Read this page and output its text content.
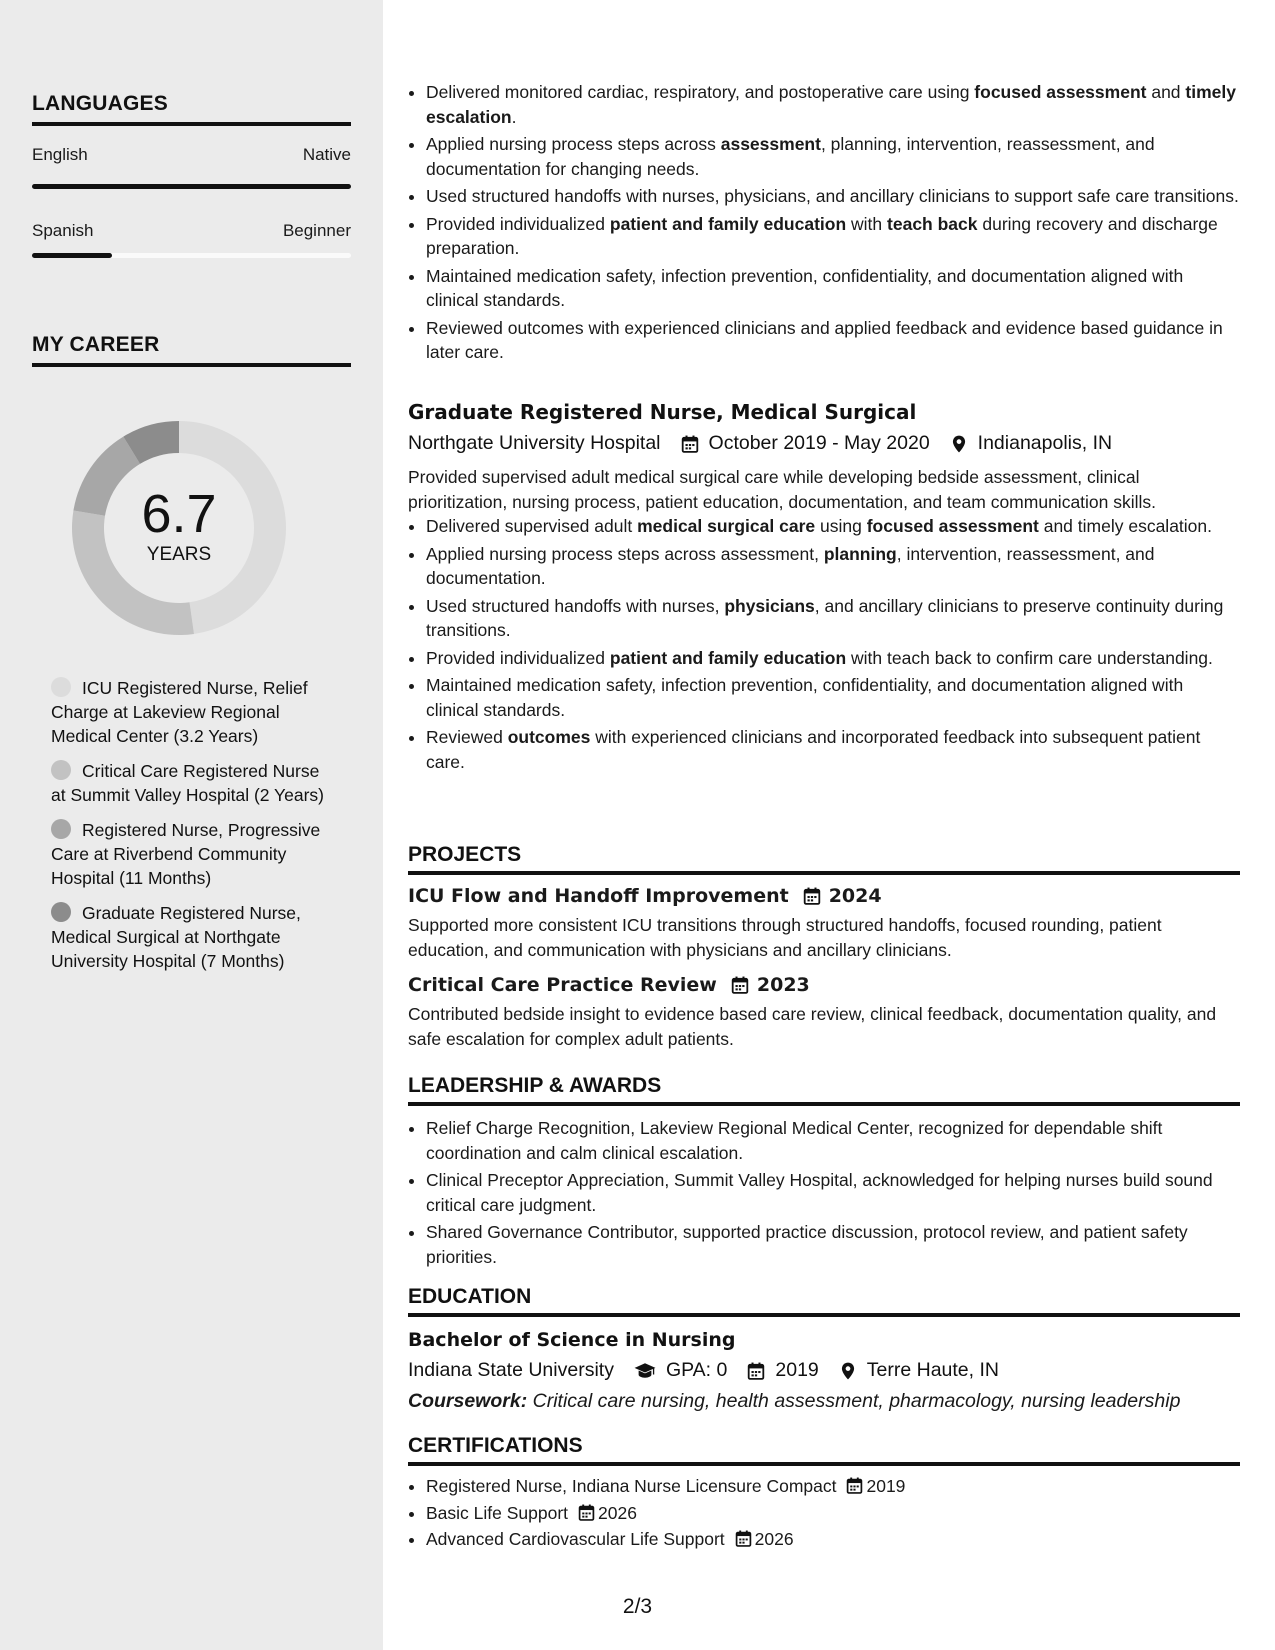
LANGUAGES
English	Native
Spanish	Beginner
MY CAREER
6.7
YEARS
ICU Registered Nurse, Relief Charge at Lakeview Regional Medical Center (3.2 Years)
Critical Care Registered Nurse at Summit Valley Hospital (2 Years)
Registered Nurse, Progressive Care at Riverbend Community Hospital (11 Months)
Graduate Registered Nurse, Medical Surgical at Northgate University Hospital (7 Months)
• Delivered monitored cardiac, respiratory, and postoperative care using focused assessment and timely escalation.
• Applied nursing process steps across assessment, planning, intervention, reassessment, and documentation for changing needs.
• Used structured handoffs with nurses, physicians, and ancillary clinicians to support safe care transitions.
• Provided individualized patient and family education with teach back during recovery and discharge preparation.
• Maintained medication safety, infection prevention, confidentiality, and documentation aligned with clinical standards.
• Reviewed outcomes with experienced clinicians and applied feedback and evidence based guidance in later care.
Graduate Registered Nurse, Medical Surgical
Northgate University Hospital October 2019 - May 2020 Indianapolis, IN
Provided supervised adult medical surgical care while developing bedside assessment, clinical prioritization, nursing process, patient education, documentation, and team communication skills.
• Delivered supervised adult medical surgical care using focused assessment and timely escalation.
• Applied nursing process steps across assessment, planning, intervention, reassessment, and documentation.
• Used structured handoffs with nurses, physicians, and ancillary clinicians to preserve continuity during transitions.
• Provided individualized patient and family education with teach back to confirm care understanding.
• Maintained medication safety, infection prevention, confidentiality, and documentation aligned with clinical standards.
• Reviewed outcomes with experienced clinicians and incorporated feedback into subsequent patient care.
PROJECTS
ICU Flow and Handoff Improvement 2024
Supported more consistent ICU transitions through structured handoffs, focused rounding, patient education, and communication with physicians and ancillary clinicians.
Critical Care Practice Review 2023
Contributed bedside insight to evidence based care review, clinical feedback, documentation quality, and safe escalation for complex adult patients.
LEADERSHIP & AWARDS
• Relief Charge Recognition, Lakeview Regional Medical Center, recognized for dependable shift coordination and calm clinical escalation.
• Clinical Preceptor Appreciation, Summit Valley Hospital, acknowledged for helping nurses build sound critical care judgment.
• Shared Governance Contributor, supported practice discussion, protocol review, and patient safety priorities.
EDUCATION
Bachelor of Science in Nursing
Indiana State University	GPA: 0 2019 Terre Haute, IN
Coursework: Critical care nursing, health assessment, pharmacology, nursing leadership
CERTIFICATIONS
• Registered Nurse, Indiana Nurse Licensure Compact 2019
• Basic Life Support 2026
• Advanced Cardiovascular Life Support 2026
2/3
